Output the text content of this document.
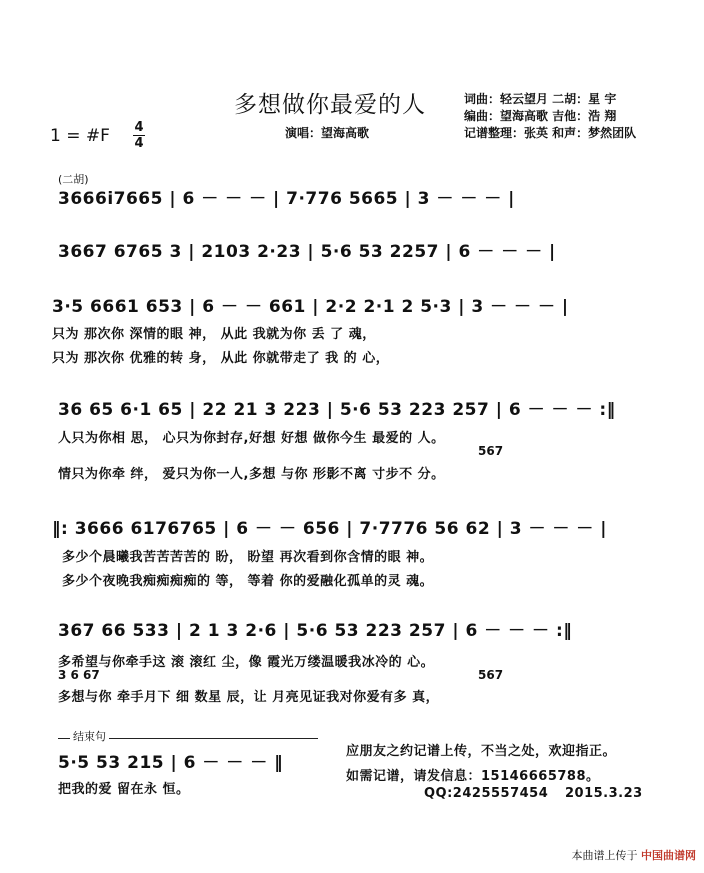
多想做你最爱的人	词曲：轻云望月 二胡：星 宇
编曲：望海高歌 吉他：浩 翔
演唱：望海高歌	记谱整理：张英 和声：梦然团队
1 = #F 4
4
(二胡)
3666i7665 | 6 － － － | 7·776 5665 | 3 － － － |
3667 6765 3 | 2103 2·23 | 5·6 53 2257 | 6 － － － |
3·5 6661 653 | 6 － － 661 | 2·2 2·1 2 5·3 | 3 － － － |
只为 那次你 深情的眼 神， 从此 我就为你 丢 了 魂，
只为 那次你 优雅的转 身， 从此 你就带走了 我 的 心，
36 65 6·1 65 | 22 21 3 223 | 5·6 53 223 257 | 6 － － － :‖
人只为你相 思， 心只为你封存,好想 好想 做你今生 最爱的 人。
567
情只为你牵 绊， 爱只为你一人,多想 与你 形影不离 寸步不 分。
‖: 3666 6176765 | 6 － － 656 | 7·7776 56 62 | 3 － － － |
多少个晨曦我苦苦苦苦的 盼， 盼望 再次看到你含情的眼 神。
多少个夜晚我痴痴痴痴的 等， 等着 你的爱融化孤单的灵 魂。
367 66 533 | 2 1 3 2·6 | 5·6 53 223 257 | 6 － － － :‖
多希望与你牵手这 滚 滚红 尘，像 霞光万缕温暖我冰冷的 心。
3 6 67	567
多想与你 牵手月下 细 数星 辰，让 月亮见证我对你爱有多 真，
结束句
5·5 53 215 | 6 － － － ‖
把我的爱 留在永 恒。
应朋友之约记谱上传，不当之处，欢迎指正。
如需记谱，请发信息：15146665788。
QQ:2425557454 2015.3.23
本曲谱上传于 中国曲谱网
